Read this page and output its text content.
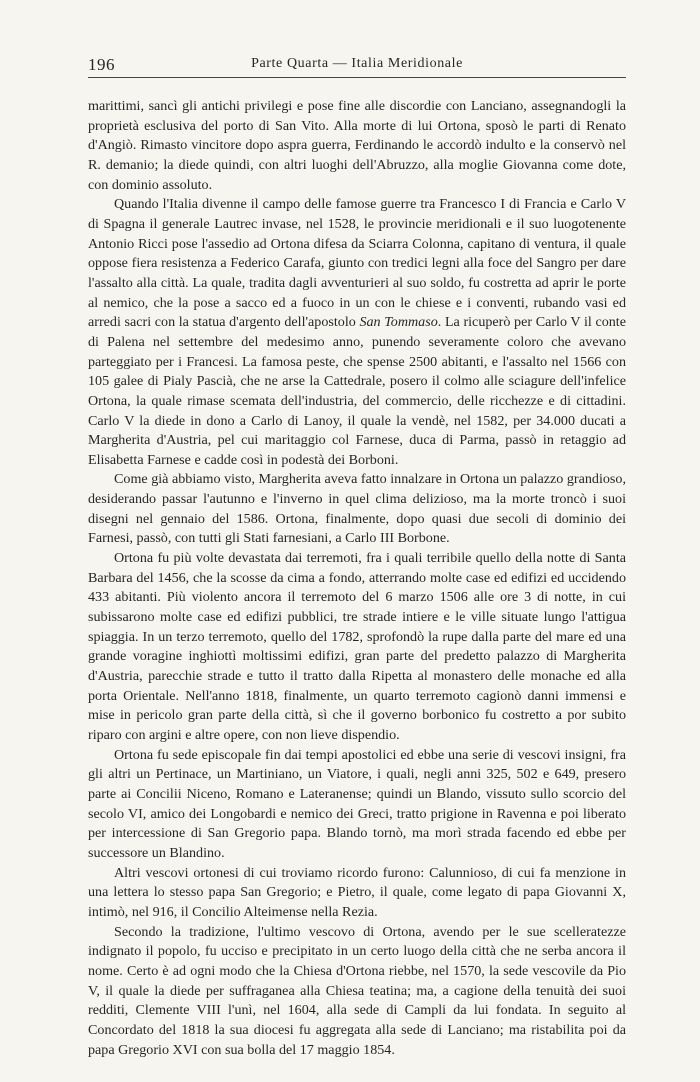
196	Parte Quarta — Italia Meridionale

marittimi, sancì gli antichi privilegi e pose fine alle discordie con Lanciano, assegnandogli la proprietà esclusiva del porto di San Vito. Alla morte di lui Ortona, sposò le parti di Renato d'Angiò. Rimasto vincitore dopo aspra guerra, Ferdinando le accordò indulto e la conservò nel R. demanio; la diede quindi, con altri luoghi dell'Abruzzo, alla moglie Giovanna come dote, con dominio assoluto.

Quando l'Italia divenne il campo delle famose guerre tra Francesco I di Francia e Carlo V di Spagna il generale Lautrec invase, nel 1528, le provincie meridionali e il suo luogotenente Antonio Ricci pose l'assedio ad Ortona difesa da Sciarra Colonna, capitano di ventura, il quale oppose fiera resistenza a Federico Carafa, giunto con tredici legni alla foce del Sangro per dare l'assalto alla città. La quale, tradita dagli avventurieri al suo soldo, fu costretta ad aprir le porte al nemico, che la pose a sacco ed a fuoco in un con le chiese e i conventi, rubando vasi ed arredi sacri con la statua d'argento dell'apostolo San Tommaso. La ricuperò per Carlo V il conte di Palena nel settembre del medesimo anno, punendo severamente coloro che avevano parteggiato per i Francesi. La famosa peste, che spense 2500 abitanti, e l'assalto nel 1566 con 105 galee di Pialy Pascià, che ne arse la Cattedrale, posero il colmo alle sciagure dell'infelice Ortona, la quale rimase scemata dell'industria, del commercio, delle ricchezze e di cittadini. Carlo V la diede in dono a Carlo di Lanoy, il quale la vendè, nel 1582, per 34.000 ducati a Margherita d'Austria, pel cui maritaggio col Farnese, duca di Parma, passò in retaggio ad Elisabetta Farnese e cadde così in podestà dei Borboni.

Come già abbiamo visto, Margherita aveva fatto innalzare in Ortona un palazzo grandioso, desiderando passar l'autunno e l'inverno in quel clima delizioso, ma la morte troncò i suoi disegni nel gennaio del 1586. Ortona, finalmente, dopo quasi due secoli di dominio dei Farnesi, passò, con tutti gli Stati farnesiani, a Carlo III Borbone.

Ortona fu più volte devastata dai terremoti, fra i quali terribile quello della notte di Santa Barbara del 1456, che la scosse da cima a fondo, atterrando molte case ed edifizi ed uccidendo 433 abitanti. Più violento ancora il terremoto del 6 marzo 1506 alle ore 3 di notte, in cui subissarono molte case ed edifizi pubblici, tre strade intiere e le ville situate lungo l'attigua spiaggia. In un terzo terremoto, quello del 1782, sprofondò la rupe dalla parte del mare ed una grande voragine inghiottì moltissimi edifizi, gran parte del predetto palazzo di Margherita d'Austria, parecchie strade e tutto il tratto dalla Ripetta al monastero delle monache ed alla porta Orientale. Nell'anno 1818, finalmente, un quarto terremoto cagionò danni immensi e mise in pericolo gran parte della città, sì che il governo borbonico fu costretto a por subito riparo con argini e altre opere, con non lieve dispendio.

Ortona fu sede episcopale fin dai tempi apostolici ed ebbe una serie di vescovi insigni, fra gli altri un Pertinace, un Martiniano, un Viatore, i quali, negli anni 325, 502 e 649, presero parte ai Concilii Niceno, Romano e Lateranense; quindi un Blando, vissuto sullo scorcio del secolo VI, amico dei Longobardi e nemico dei Greci, tratto prigione in Ravenna e poi liberato per intercessione di San Gregorio papa. Blando tornò, ma morì strada facendo ed ebbe per successore un Blandino.

Altri vescovi ortonesi di cui troviamo ricordo furono: Calunnioso, di cui fa menzione in una lettera lo stesso papa San Gregorio; e Pietro, il quale, come legato di papa Giovanni X, intimò, nel 916, il Concilio Alteimense nella Rezia.

Secondo la tradizione, l'ultimo vescovo di Ortona, avendo per le sue scelleratezze indignato il popolo, fu ucciso e precipitato in un certo luogo della città che ne serba ancora il nome. Certo è ad ogni modo che la Chiesa d'Ortona riebbe, nel 1570, la sede vescovile da Pio V, il quale la diede per suffraganea alla Chiesa teatina; ma, a cagione della tenuità dei suoi redditi, Clemente VIII l'unì, nel 1604, alla sede di Campli da lui fondata. In seguito al Concordato del 1818 la sua diocesi fu aggregata alla sede di Lanciano; ma ristabilita poi da papa Gregorio XVI con sua bolla del 17 maggio 1854.
